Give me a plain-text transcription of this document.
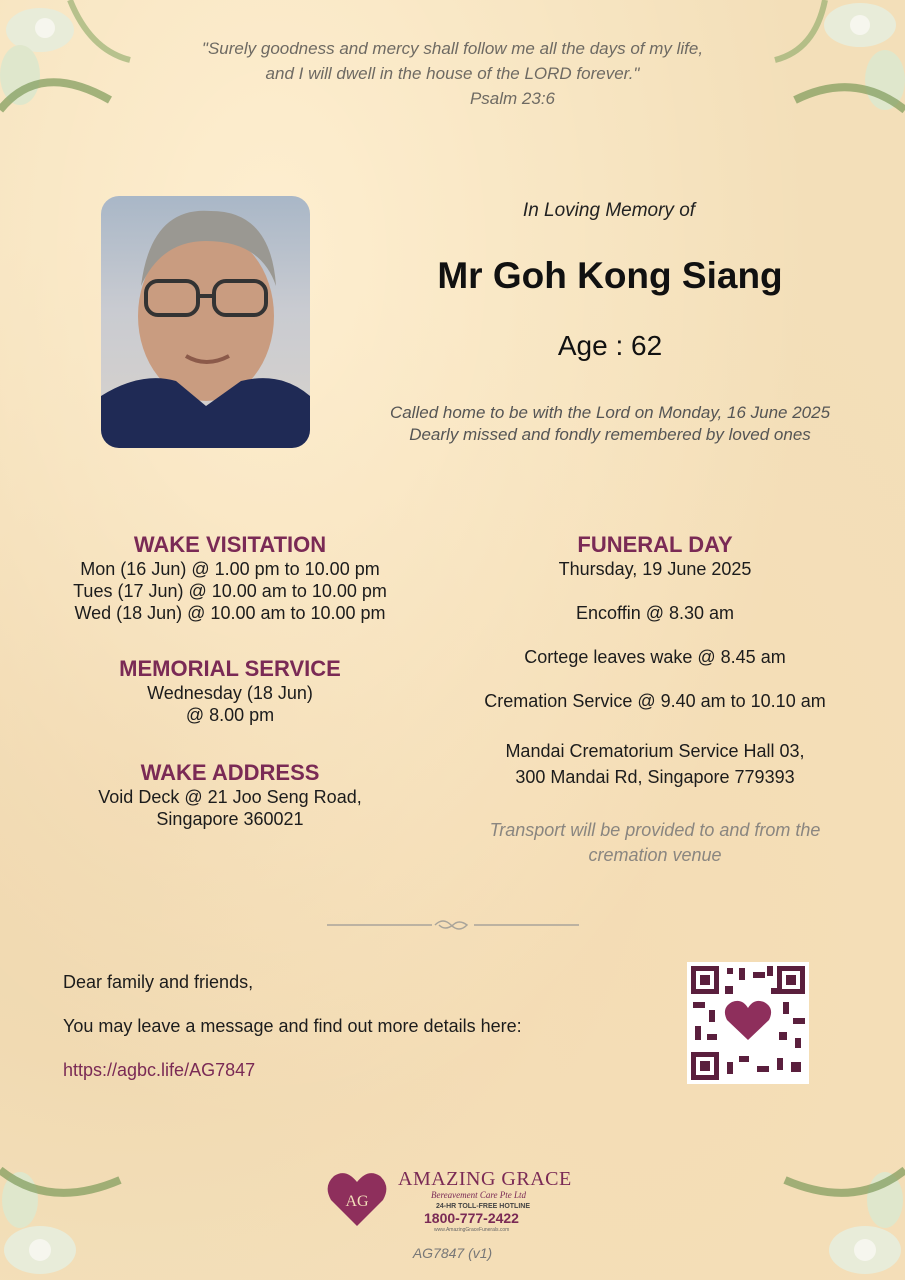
"Surely goodness and mercy shall follow me all the days of my life,
and I will dwell in the house of the LORD forever."
Psalm 23:6
In Loving Memory of
Mr Goh Kong Siang
Age : 62
Called home to be with the Lord on Monday, 16 June 2025
Dearly missed and fondly remembered by loved ones
WAKE VISITATION
Mon (16 Jun) @ 1.00 pm to 10.00 pm
Tues (17 Jun) @ 10.00 am to 10.00 pm
Wed (18 Jun) @ 10.00 am to 10.00 pm
MEMORIAL SERVICE
Wednesday (18 Jun)
@ 8.00 pm
WAKE ADDRESS
Void Deck @ 21 Joo Seng Road,
Singapore 360021
FUNERAL DAY
Thursday, 19 June 2025
Encoffin @ 8.30 am
Cortege leaves wake @ 8.45 am
Cremation Service @ 9.40 am to 10.10 am
Mandai Crematorium Service Hall 03,
300 Mandai Rd, Singapore 779393
Transport will be provided to and from the
cremation venue
Dear family and friends,
You may leave a message and find out more details here:
https://agbc.life/AG7847
AG
AMAZING GRACE
Bereavement Care Pte Ltd
24-HR TOLL-FREE HOTLINE
1800-777-2422
www.AmazingGraceFunerals.com
AG7847 (v1)
